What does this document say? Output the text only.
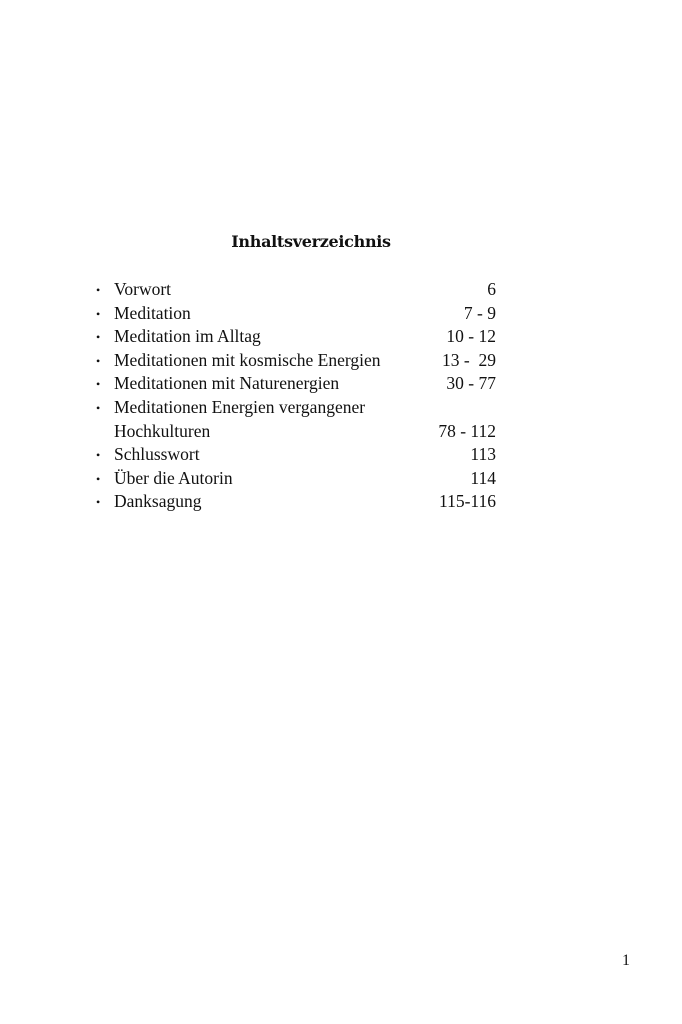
Inhaltsverzeichnis
• Vorwort	6
• Meditation	7 - 9
• Meditation im Alltag	10 - 12
• Meditationen mit kosmische Energien	13 -  29
• Meditationen mit Naturenergien	30 - 77
• Meditationen Energien vergangener
Hochkulturen	78 - 112
• Schlusswort	113
• Über die Autorin	114
• Danksagung	115-116
1
